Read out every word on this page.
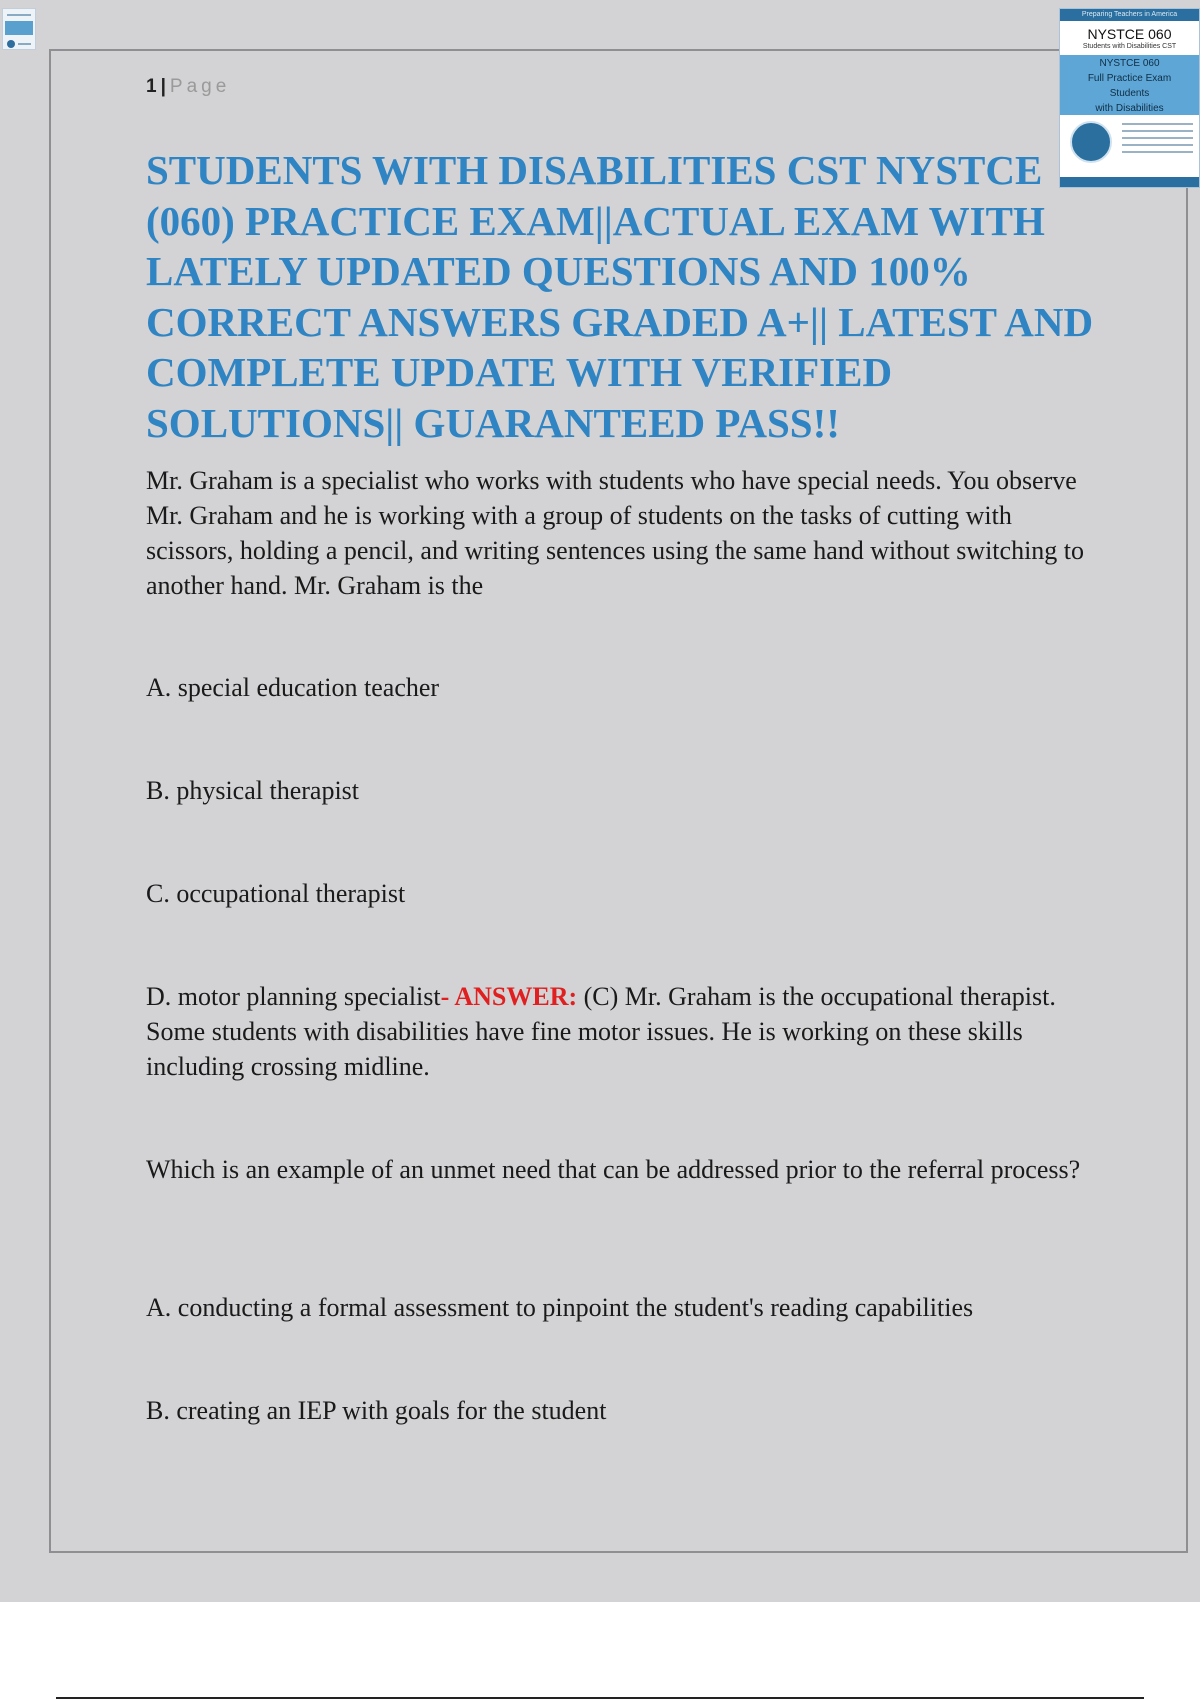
1 | Page
STUDENTS WITH DISABILITIES CST NYSTCE (060) PRACTICE EXAM||ACTUAL EXAM WITH LATELY UPDATED QUESTIONS AND 100% CORRECT ANSWERS GRADED A+|| LATEST AND COMPLETE UPDATE WITH VERIFIED SOLUTIONS|| GUARANTEED PASS!!

Mr. Graham is a specialist who works with students who have special needs. You observe Mr. Graham and he is working with a group of students on the tasks of cutting with scissors, holding a pencil, and writing sentences using the same hand without switching to another hand. Mr. Graham is the

A. special education teacher

B. physical therapist

C. occupational therapist

D. motor planning specialist- ANSWER: (C) Mr. Graham is the occupational therapist. Some students with disabilities have fine motor issues. He is working on these skills including crossing midline.

Which is an example of an unmet need that can be addressed prior to the referral process?

A. conducting a formal assessment to pinpoint the student's reading capabilities

B. creating an IEP with goals for the student

Preparing Teachers in America
NYSTCE 060
Students with Disabilities CST
NYSTCE 060
Full Practice Exam
Students
with Disabilities
